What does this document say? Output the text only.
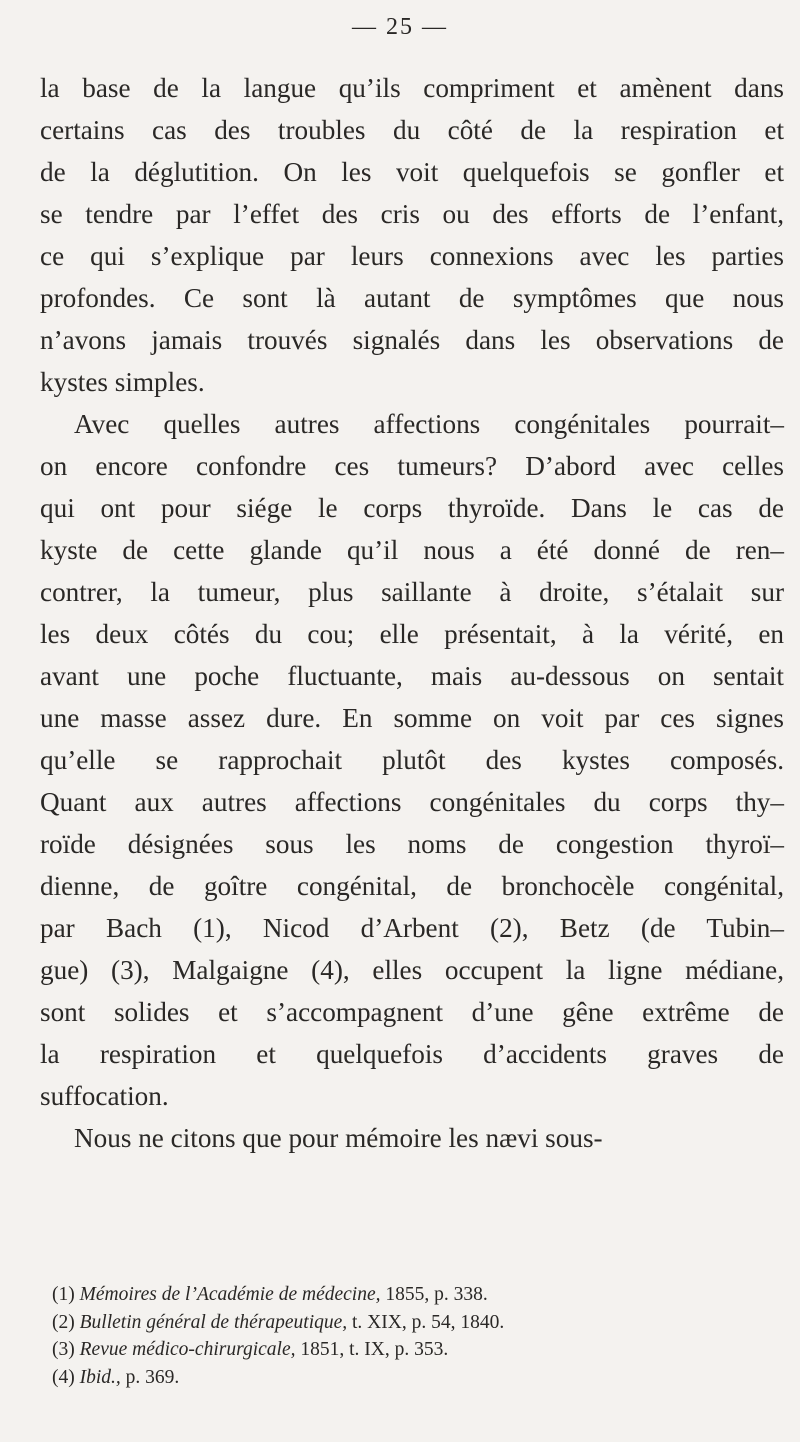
— 25 —
la base de la langue qu’ils compriment et amènent dans
certains cas des troubles du côté de la respiration et
de la déglutition. On les voit quelquefois se gonfler et
se tendre par l’effet des cris ou des efforts de l’enfant,
ce qui s’explique par leurs connexions avec les parties
profondes. Ce sont là autant de symptômes que nous
n’avons jamais trouvés signalés dans les observations de
kystes simples.
Avec quelles autres affections congénitales pourrait–
on encore confondre ces tumeurs? D’abord avec celles
qui ont pour siége le corps thyroïde. Dans le cas de
kyste de cette glande qu’il nous a été donné de ren–
contrer, la tumeur, plus saillante à droite, s’étalait sur
les deux côtés du cou; elle présentait, à la vérité, en
avant une poche fluctuante, mais au-dessous on sentait
une masse assez dure. En somme on voit par ces signes
qu’elle se rapprochait plutôt des kystes composés.
Quant aux autres affections congénitales du corps thy–
roïde désignées sous les noms de congestion thyroï–
dienne, de goître congénital, de bronchocèle congénital,
par Bach (1), Nicod d’Arbent (2), Betz (de Tubin–
gue) (3), Malgaigne (4), elles occupent la ligne médiane,
sont solides et s’accompagnent d’une gêne extrême de
la respiration et quelquefois d’accidents graves de
suffocation.
Nous ne citons que pour mémoire les nævi sous-
(1) Mémoires de l’Académie de médecine, 1855, p. 338.
(2) Bulletin général de thérapeutique, t. XIX, p. 54, 1840.
(3) Revue médico-chirurgicale, 1851, t. IX, p. 353.
(4) Ibid., p. 369.
